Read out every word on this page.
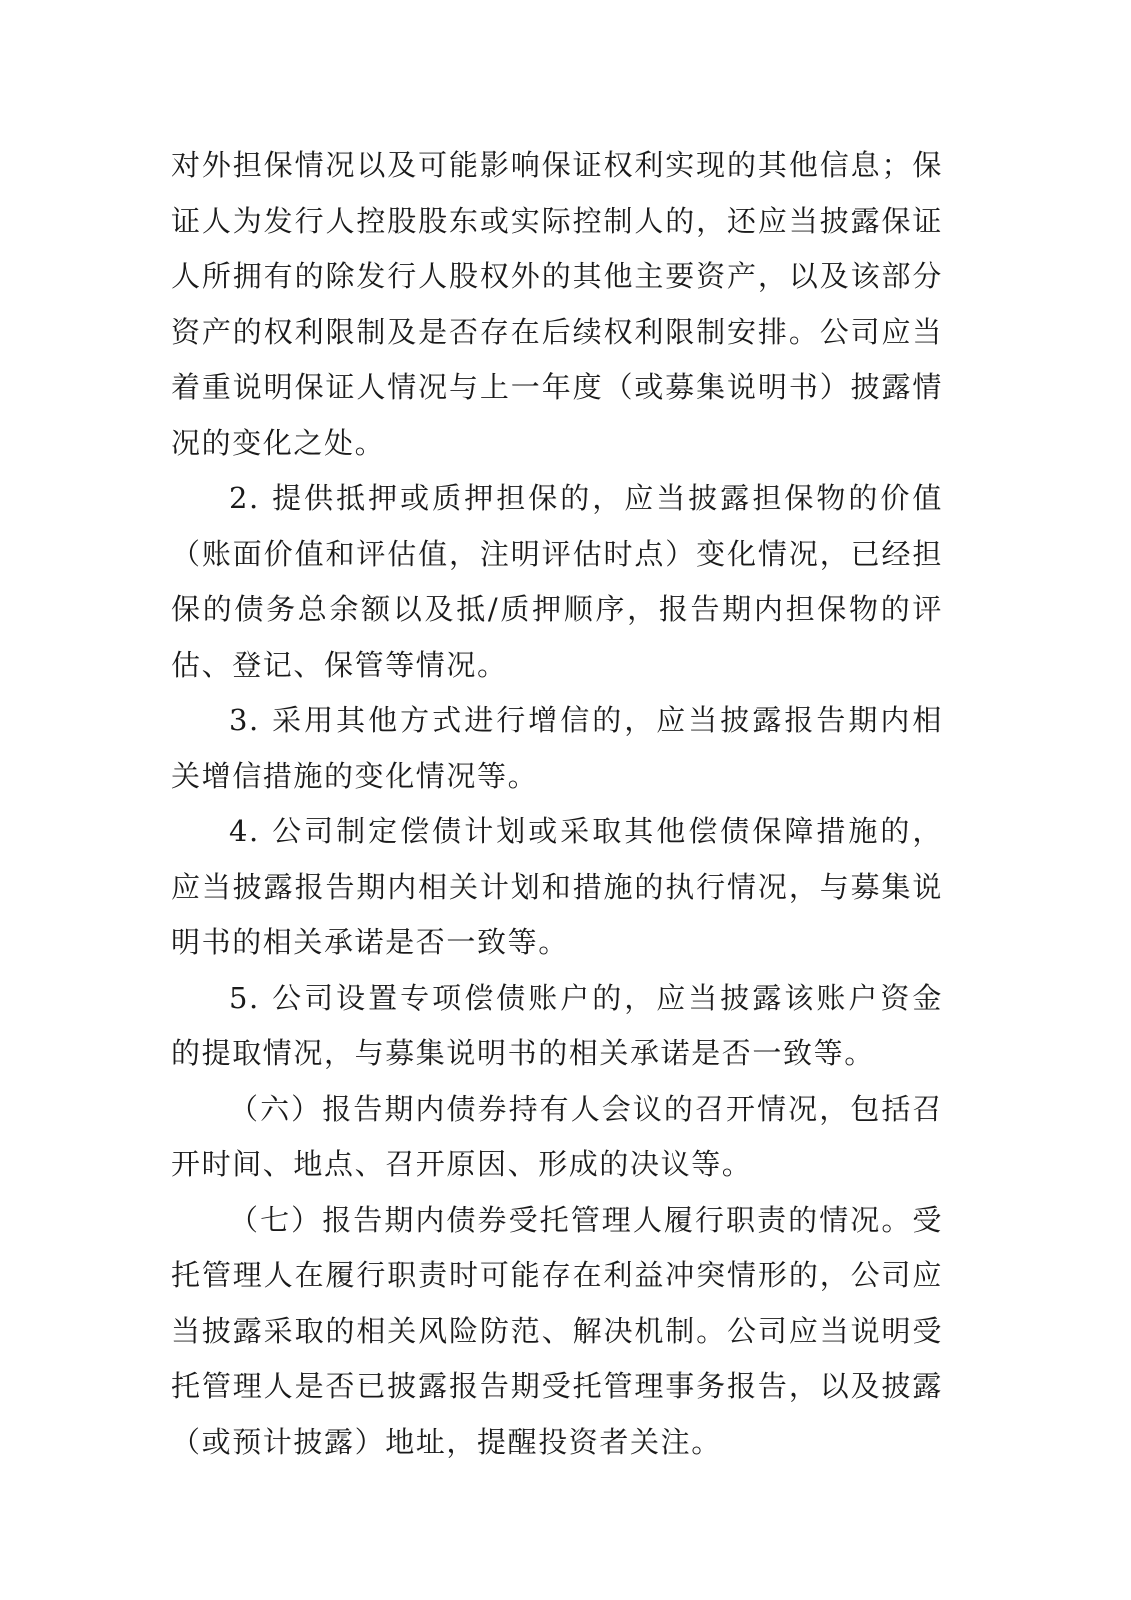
对外担保情况以及可能影响保证权利实现的其他信息；保证人为发行人控股股东或实际控制人的，还应当披露保证人所拥有的除发行人股权外的其他主要资产，以及该部分资产的权利限制及是否存在后续权利限制安排。公司应当着重说明保证人情况与上一年度（或募集说明书）披露情况的变化之处。

2. 提供抵押或质押担保的，应当披露担保物的价值（账面价值和评估值，注明评估时点）变化情况，已经担保的债务总余额以及抵/质押顺序，报告期内担保物的评估、登记、保管等情况。

3. 采用其他方式进行增信的，应当披露报告期内相关增信措施的变化情况等。

4. 公司制定偿债计划或采取其他偿债保障措施的，应当披露报告期内相关计划和措施的执行情况，与募集说明书的相关承诺是否一致等。

5. 公司设置专项偿债账户的，应当披露该账户资金的提取情况，与募集说明书的相关承诺是否一致等。

（六）报告期内债券持有人会议的召开情况，包括召开时间、地点、召开原因、形成的决议等。

（七）报告期内债券受托管理人履行职责的情况。受托管理人在履行职责时可能存在利益冲突情形的，公司应当披露采取的相关风险防范、解决机制。公司应当说明受托管理人是否已披露报告期受托管理事务报告，以及披露（或预计披露）地址，提醒投资者关注。
